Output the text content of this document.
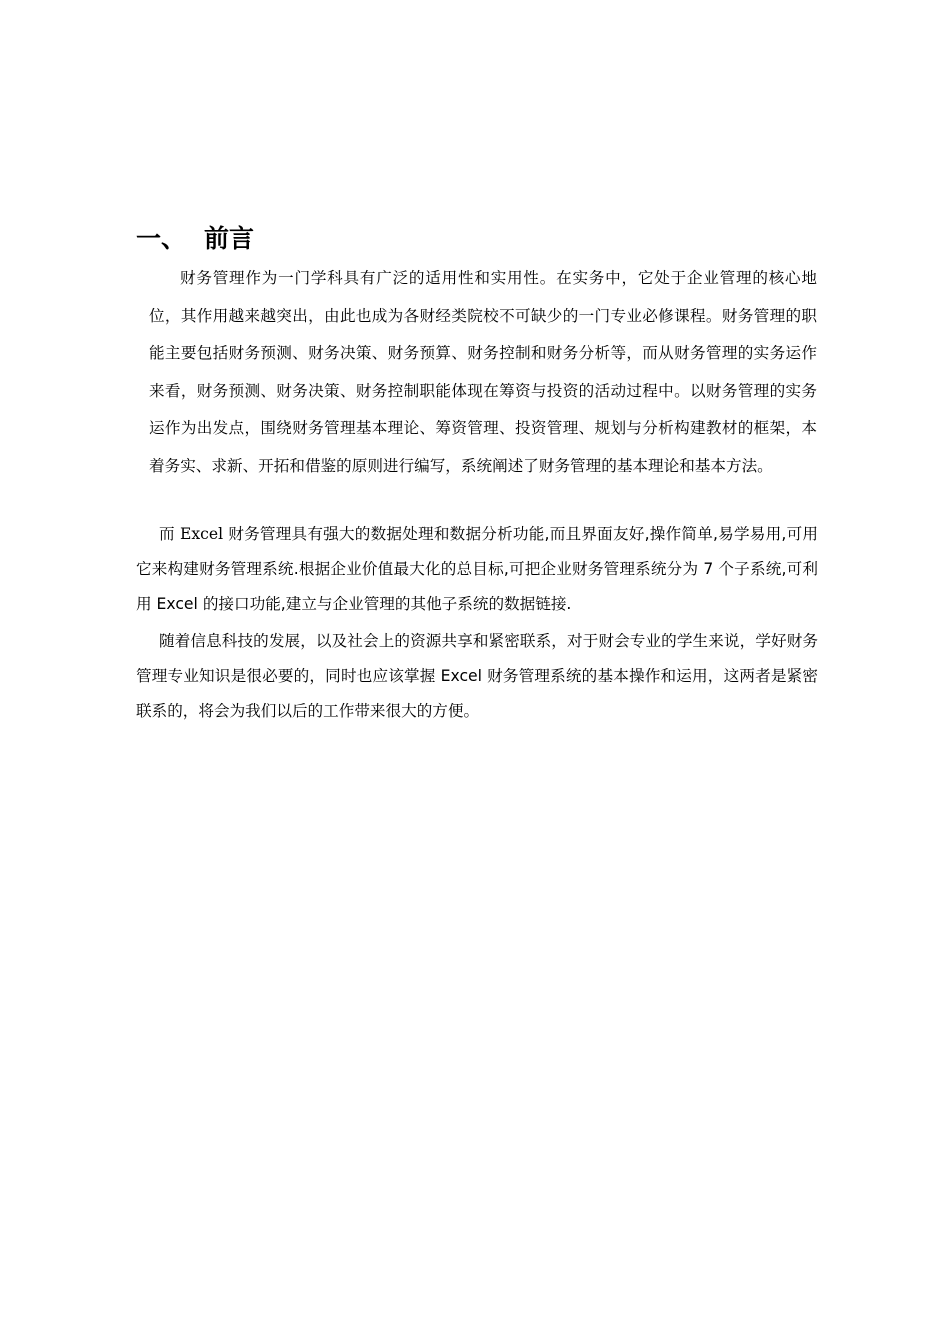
一、 前言

财务管理作为一门学科具有广泛的适用性和实用性。在实务中，它处于企业管理的核心地位，其作用越来越突出，由此也成为各财经类院校不可缺少的一门专业必修课程。财务管理的职能主要包括财务预测、财务决策、财务预算、财务控制和财务分析等，而从财务管理的实务运作来看，财务预测、财务决策、财务控制职能体现在筹资与投资的活动过程中。以财务管理的实务运作为出发点，围绕财务管理基本理论、筹资管理、投资管理、规划与分析构建教材的框架，本着务实、求新、开拓和借鉴的原则进行编写，系统阐述了财务管理的基本理论和基本方法。

而 Excel 财务管理具有强大的数据处理和数据分析功能,而且界面友好,操作简单,易学易用,可用它来构建财务管理系统.根据企业价值最大化的总目标,可把企业财务管理系统分为 7 个子系统,可利用 Excel 的接口功能,建立与企业管理的其他子系统的数据链接.

随着信息科技的发展，以及社会上的资源共享和紧密联系，对于财会专业的学生来说，学好财务管理专业知识是很必要的，同时也应该掌握 Excel 财务管理系统的基本操作和运用，这两者是紧密联系的，将会为我们以后的工作带来很大的方便。
